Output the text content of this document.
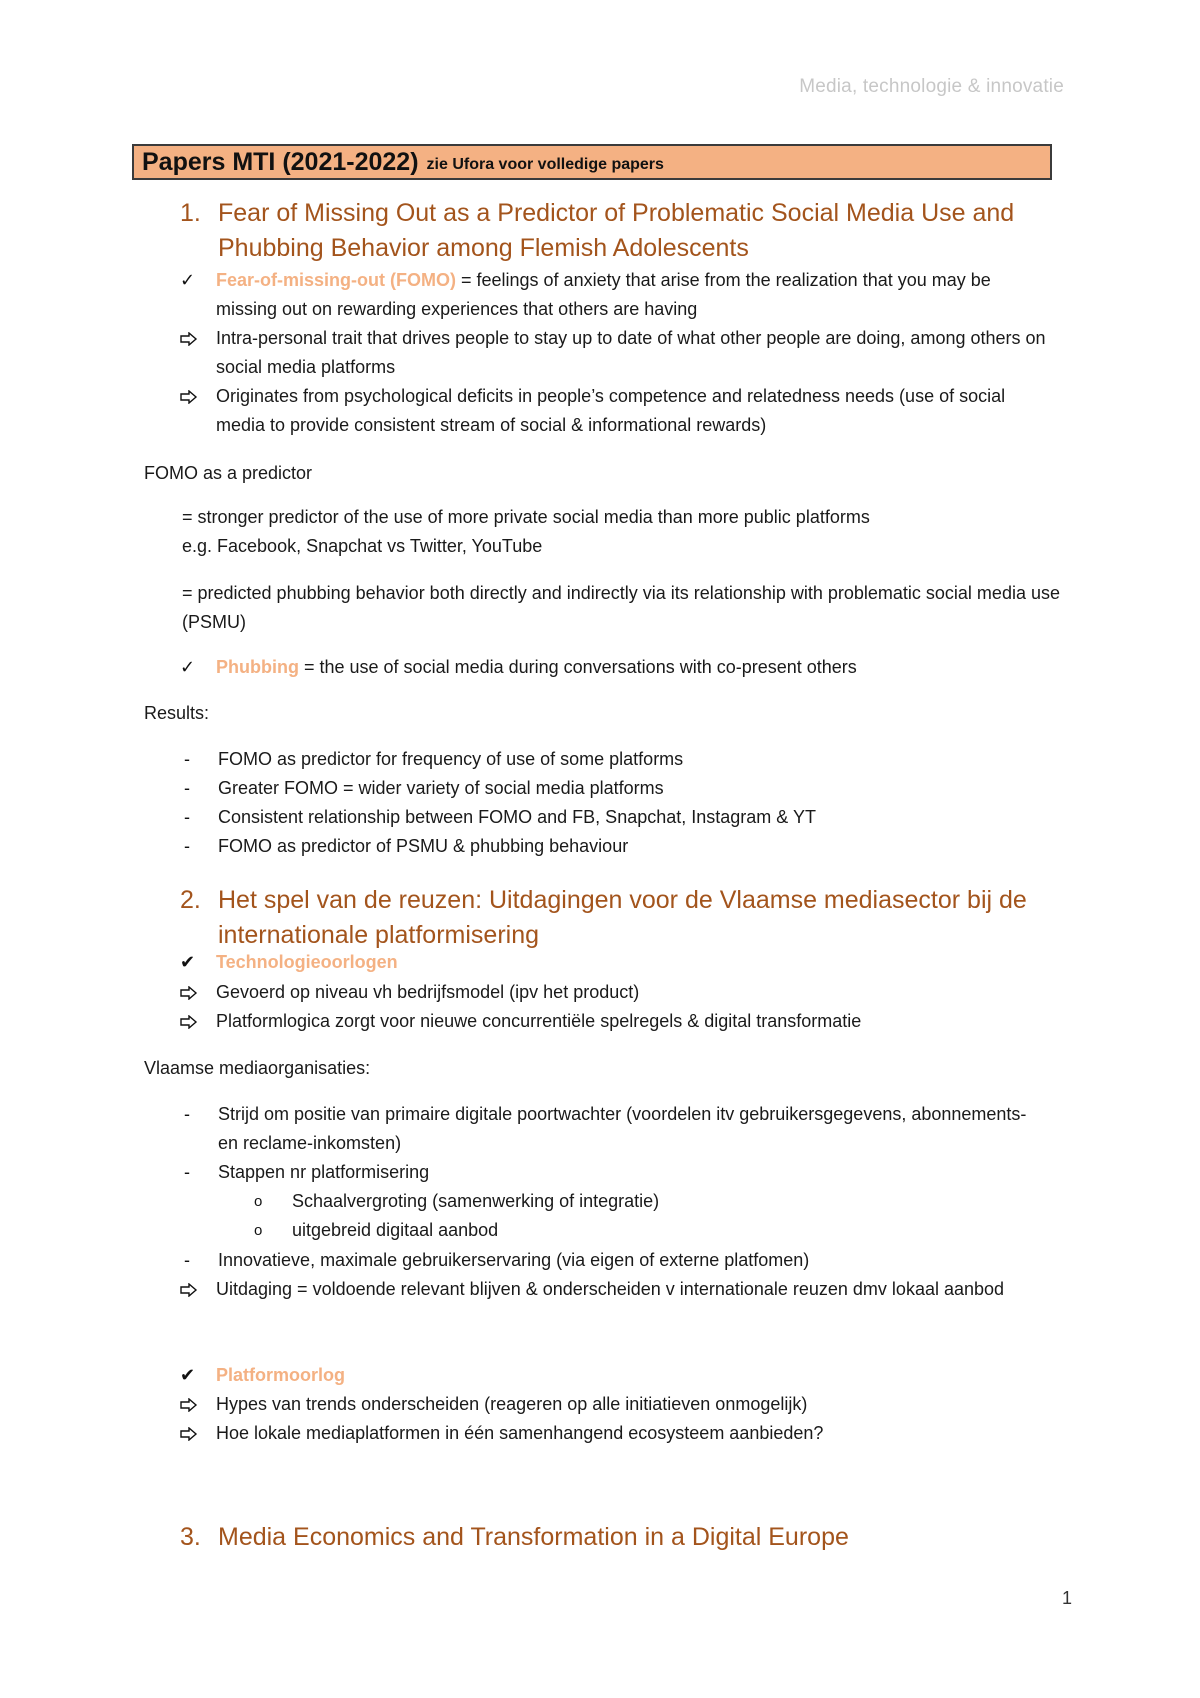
Media, technologie & innovatie
Papers MTI (2021-2022) zie Ufora voor volledige papers
1. Fear of Missing Out as a Predictor of Problematic Social Media Use and Phubbing Behavior among Flemish Adolescents
✓ Fear-of-missing-out (FOMO) = feelings of anxiety that arise from the realization that you may be missing out on rewarding experiences that others are having
Intra-personal trait that drives people to stay up to date of what other people are doing, among others on social media platforms
Originates from psychological deficits in people’s competence and relatedness needs (use of social media to provide consistent stream of social & informational rewards)
FOMO as a predictor
= stronger predictor of the use of more private social media than more public platforms
e.g. Facebook, Snapchat vs Twitter, YouTube
= predicted phubbing behavior both directly and indirectly via its relationship with problematic social media use (PSMU)
✓ Phubbing = the use of social media during conversations with co-present others
Results:
- FOMO as predictor for frequency of use of some platforms
- Greater FOMO = wider variety of social media platforms
- Consistent relationship between FOMO and FB, Snapchat, Instagram & YT
- FOMO as predictor of PSMU & phubbing behaviour
2. Het spel van de reuzen: Uitdagingen voor de Vlaamse mediasector bij de internationale platformisering
✔ Technologieoorlogen
Gevoerd op niveau vh bedrijfsmodel (ipv het product)
Platformlogica zorgt voor nieuwe concurrentiële spelregels & digital transformatie
Vlaamse mediaorganisaties:
- Strijd om positie van primaire digitale poortwachter (voordelen itv gebruikersgegevens, abonnements- en reclame-inkomsten)
- Stappen nr platformisering
o Schaalvergroting (samenwerking of integratie)
o uitgebreid digitaal aanbod
- Innovatieve, maximale gebruikerservaring (via eigen of externe platfomen)
Uitdaging = voldoende relevant blijven & onderscheiden v internationale reuzen dmv lokaal aanbod
✔ Platformoorlog
Hypes van trends onderscheiden (reageren op alle initiatieven onmogelijk)
Hoe lokale mediaplatformen in één samenhangend ecosysteem aanbieden?
3. Media Economics and Transformation in a Digital Europe
1
